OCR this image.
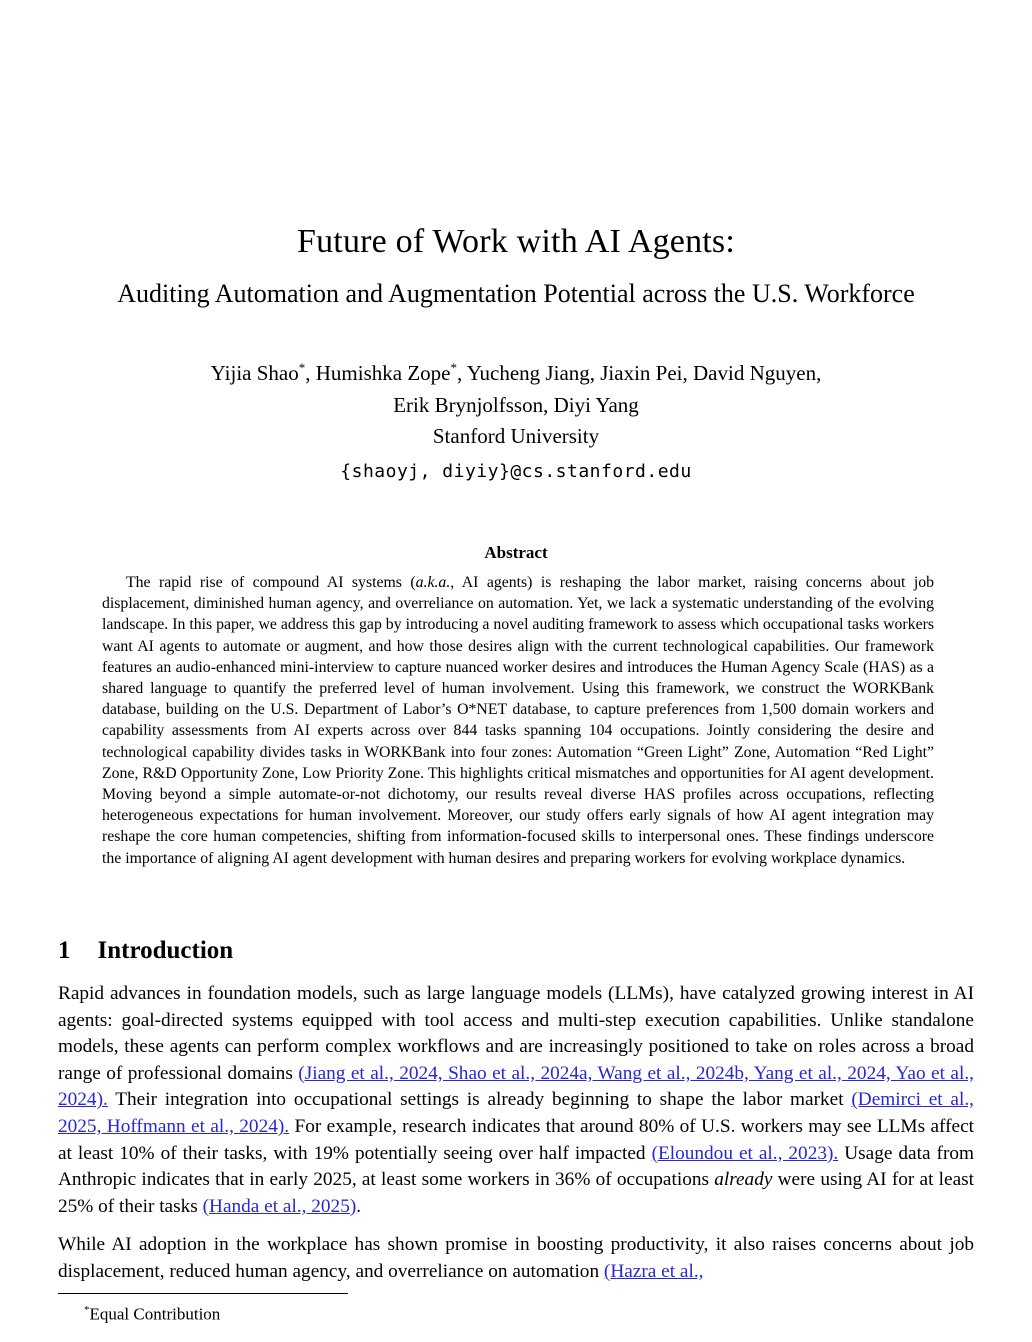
Future of Work with AI Agents:
Auditing Automation and Augmentation Potential across the U.S. Workforce
Yijia Shao*, Humishka Zope*, Yucheng Jiang, Jiaxin Pei, David Nguyen,
Erik Brynjolfsson, Diyi Yang
Stanford University
{shaoyj, diyiy}@cs.stanford.edu
Abstract
The rapid rise of compound AI systems (a.k.a., AI agents) is reshaping the labor market, raising concerns about job displacement, diminished human agency, and overreliance on automation. Yet, we lack a systematic understanding of the evolving landscape. In this paper, we address this gap by introducing a novel auditing framework to assess which occupational tasks workers want AI agents to automate or augment, and how those desires align with the current technological capabilities. Our framework features an audio-enhanced mini-interview to capture nuanced worker desires and introduces the Human Agency Scale (HAS) as a shared language to quantify the preferred level of human involvement. Using this framework, we construct the WORKBank database, building on the U.S. Department of Labor’s O*NET database, to capture preferences from 1,500 domain workers and capability assessments from AI experts across over 844 tasks spanning 104 occupations. Jointly considering the desire and technological capability divides tasks in WORKBank into four zones: Automation “Green Light” Zone, Automation “Red Light” Zone, R&D Opportunity Zone, Low Priority Zone. This highlights critical mismatches and opportunities for AI agent development. Moving beyond a simple automate-or-not dichotomy, our results reveal diverse HAS profiles across occupations, reflecting heterogeneous expectations for human involvement. Moreover, our study offers early signals of how AI agent integration may reshape the core human competencies, shifting from information-focused skills to interpersonal ones. These findings underscore the importance of aligning AI agent development with human desires and preparing workers for evolving workplace dynamics.
1 Introduction

Rapid advances in foundation models, such as large language models (LLMs), have catalyzed growing interest in AI agents: goal-directed systems equipped with tool access and multi-step execution capabilities. Unlike standalone models, these agents can perform complex workflows and are increasingly positioned to take on roles across a broad range of professional domains (Jiang et al., 2024, Shao et al., 2024a, Wang et al., 2024b, Yang et al., 2024, Yao et al., 2024). Their integration into occupational settings is already beginning to shape the labor market (Demirci et al., 2025, Hoffmann et al., 2024). For example, research indicates that around 80% of U.S. workers may see LLMs affect at least 10% of their tasks, with 19% potentially seeing over half impacted (Eloundou et al., 2023). Usage data from Anthropic indicates that in early 2025, at least some workers in 36% of occupations already were using AI for at least 25% of their tasks (Handa et al., 2025).

While AI adoption in the workplace has shown promise in boosting productivity, it also raises concerns about job displacement, reduced human agency, and overreliance on automation (Hazra et al.,

*Equal Contribution
